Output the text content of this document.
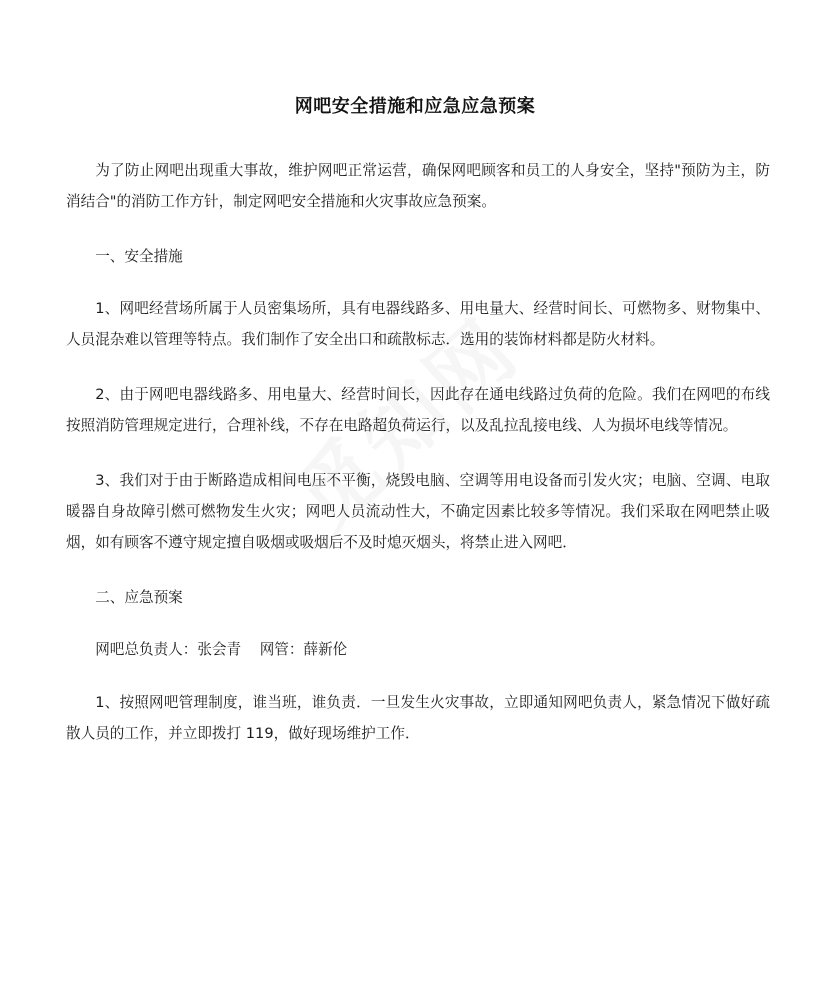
网吧安全措施和应急应急预案

为了防止网吧出现重大事故，维护网吧正常运营，确保网吧顾客和员工的人身安全，坚持"预防为主，防消结合"的消防工作方针，制定网吧安全措施和火灾事故应急预案。

一、安全措施

1、网吧经营场所属于人员密集场所，具有电器线路多、用电量大、经营时间长、可燃物多、财物集中、人员混杂难以管理等特点。我们制作了安全出口和疏散标志．选用的装饰材料都是防火材料。

2、由于网吧电器线路多、用电量大、经营时间长，因此存在通电线路过负荷的危险。我们在网吧的布线按照消防管理规定进行，合理补线，不存在电路超负荷运行，以及乱拉乱接电线、人为损坏电线等情况。

3、我们对于由于断路造成相间电压不平衡，烧毁电脑、空调等用电设备而引发火灾；电脑、空调、电取暖器自身故障引燃可燃物发生火灾；网吧人员流动性大，不确定因素比较多等情况。我们采取在网吧禁止吸烟，如有顾客不遵守规定擅自吸烟或吸烟后不及时熄灭烟头，将禁止进入网吧．

二、应急预案

网吧总负责人：张会青 网管：薛新伦

1、按照网吧管理制度，谁当班，谁负责．一旦发生火灾事故，立即通知网吧负责人，紧急情况下做好疏散人员的工作，并立即拨打 119，做好现场维护工作．
